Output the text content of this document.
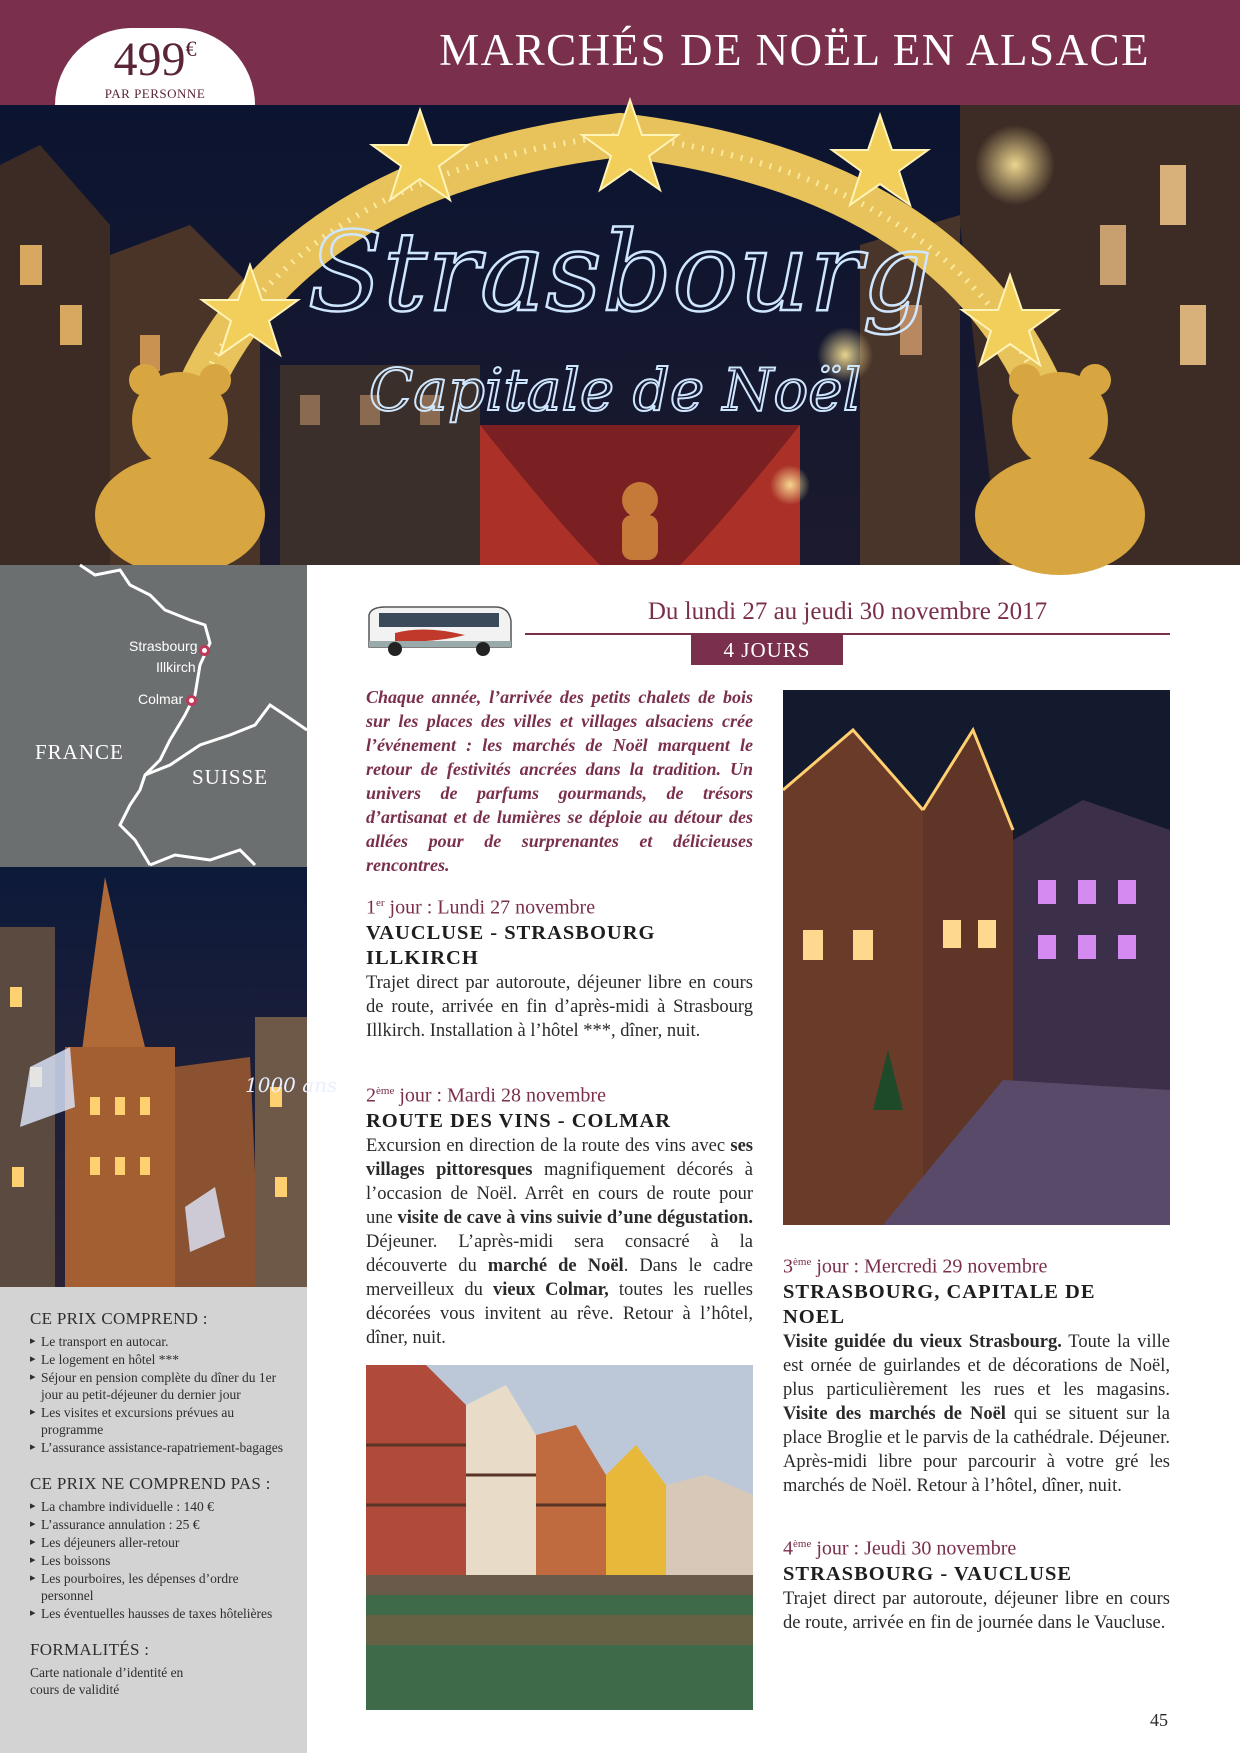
499€
PAR PERSONNE
MARCHÉS DE NOËL EN ALSACE
Strasbourg
Capitale de Noël
Strasbourg
Illkirch
Colmar
FRANCE
SUISSE
1000 ans
CE PRIX COMPREND :
▸ Le transport en autocar.
▸ Le logement en hôtel ***
▸ Séjour en pension complète du dîner du 1er jour au petit-déjeuner du dernier jour
▸ Les visites et excursions prévues au programme
▸ L’assurance assistance-rapatriement-bagages
CE PRIX NE COMPREND PAS :
▸ La chambre individuelle : 140 €
▸ L’assurance annulation : 25 €
▸ Les déjeuners aller-retour
▸ Les boissons
▸ Les pourboires, les dépenses d’ordre personnel
▸ Les éventuelles hausses de taxes hôtelières
FORMALITÉS :
Carte nationale d’identité en cours de validité
Du lundi 27 au jeudi 30 novembre 2017
4 JOURS
Chaque année, l’arrivée des petits chalets de bois sur les places des villes et villages alsaciens crée l’événement : les marchés de Noël marquent le retour de festivités ancrées dans la tradition. Un univers de parfums gourmands, de trésors d’artisanat et de lumières se déploie au détour des allées pour de surprenantes et délicieuses rencontres.
1er jour : Lundi 27 novembre
VAUCLUSE - STRASBOURG ILLKIRCH
Trajet direct par autoroute, déjeuner libre en cours de route, arrivée en fin d’après-midi à Strasbourg Illkirch. Installation à l’hôtel ***, dîner, nuit.
2ème jour : Mardi 28 novembre
ROUTE DES VINS - COLMAR
Excursion en direction de la route des vins avec ses villages pittoresques magnifiquement décorés à l’occasion de Noël. Arrêt en cours de route pour une visite de cave à vins suivie d’une dégustation. Déjeuner. L’après-midi sera consacré à la découverte du marché de Noël. Dans le cadre merveilleux du vieux Colmar, toutes les ruelles décorées vous invitent au rêve. Retour à l’hôtel, dîner, nuit.
3ème jour : Mercredi 29 novembre
STRASBOURG, CAPITALE DE NOEL
Visite guidée du vieux Strasbourg. Toute la ville est ornée de guirlandes et de décorations de Noël, plus particulièrement les rues et les magasins. Visite des marchés de Noël qui se situent sur la place Broglie et le parvis de la cathédrale. Déjeuner. Après-midi libre pour parcourir à votre gré les marchés de Noël. Retour à l’hôtel, dîner, nuit.
4ème jour : Jeudi 30 novembre
STRASBOURG - VAUCLUSE
Trajet direct par autoroute, déjeuner libre en cours de route, arrivée en fin de journée dans le Vaucluse.
45
